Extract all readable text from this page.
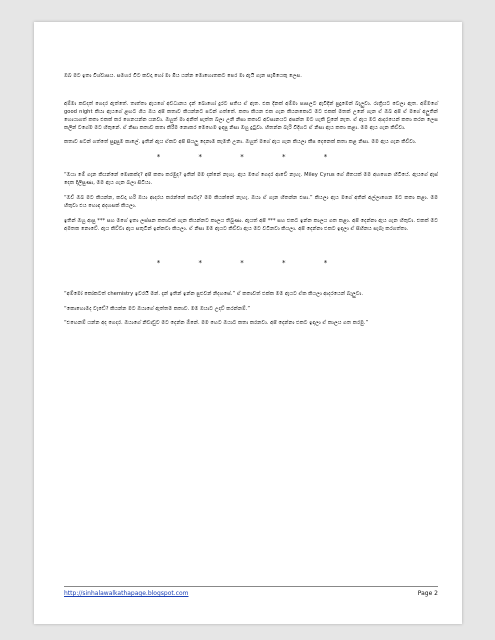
ඔබ මට ඉතා විශ්වාසය. සමහර විට කවදා හෝ මා මිය යන්න මොහොතකට පෙර මා ඇයි ගැන සැමියෙකු ලෙස.

අම්මා කවදත් ගෙදර ඇත්තේ. තාත්තා ඇයගේ අවධානය දැන් බොහෝ දුරට සතිය ඒ ඇත. එක දිනක් අම්මා පාසලට ඇවිදින් පුදුමෙන් බැලුවා. රාත්‍රියට වෙලා ඇත. අම්මගේ good night කියා ඇයගේ ළඟට ගිය ඔය අපි කතාව කියන්නට පටන් ගත්තේ. කතා කියන එක ගැන කියනකොට මට එකක් මතක් උනේ ගැන ඒ ඔබ අපි ඒ මගේ අලුතින් හොයාගත් කතා එකක් කර ගෙනයන්න යනවා. ඔහුත් මා අනිත් පැත්ත බලා උනි නිසා කතාව අවසානයට අසන්න මට හැකි වුනේ නැත. ඒ ඇය මට ආදරයෙන් කතා කරන ලෙස කලින් වගේම මට හිතුනේ. ඒ නිසා කතාව කතා කිරීම නොකර මෙහෙම ඉඳපු නිසා ඔහු දුටුවා. හිතන්න බැරි විදිහට ඒ නිසා ඇය කතා කළා. මම ඇය ගැන කිව්වා.

කතාව පටන් ගත්තේ සුදුසුම කාලේ. ඉතින් ඇය ඒකට අපි සියලු දෙනාම කැමති උනා. ඔහුත් මගේ ඇය ගැන කියලා කීප දෙනෙක් කතා කළ නිසා. මම ඇය ගැන කිව්වා.

* * * * *

“ඔයා මේ ගැන කියන්නේ මොකක්ද? අපි කතා කරමුද? ඉතින් මම දන්නේ නැහැ. ඇය මගේ ගෙදර ආවේ නැහැ. Miley Cyrus ගේ ගීතයක් මම අහගෙන හිටියේ. ඇයගේ ඇස් දෙක දිලිසුණා, මම ඇය ගැන බලා සිටියා.

“ඔව් ඔබ මට කියන්න, කවදා හරි ඔයා ආදරය කරන්නේ කාටද? මම කියන්නේ නැහැ. ඔයා ඒ ගැන හිතන්න එපා.” කියලා ඇය මගේ අතින් අල්ලාගෙන මට කතා කළා. මම හිතුවා එය හොඳ අදහසක් කියලා.

ඉතින් ඔහු ආපු *** සහ මගේ ඉතා ලස්සන කතාවක් ගැන කියන්නට කාලය තිබුණා. ඇයත් අපි *** සහ එකට ඉන්න කාලය ගත කළා. අපි දෙන්නා ඇය ගැන හිතුවා. එකක් මට අමතක නොවේ. ඇය කිව්වා ඇය සතුටින් ඉන්නවා කියලා. ඒ නිසා මම ඇයට කිව්වා ඇය මට වටිනවා කියලා. අපි දෙන්නා එකට ඉඳලා ඒ සිහිනය සැබෑ කරගත්තා.

* * * * *

“අම්මෝ කෝකටත් chemistry ඉවරයි මන්. දැන් ඉතින් ඉන්න පුළුවන් නිදහසේ.” ඒ කතාවත් එක්ක මම ඇයට ඒක කියලා ආදරයෙන් බැලුවා.

“කොහොමද වැඩේ? කියන්න මට ඔයාගේ ඇත්තම කතාව. මම ඔයාට උදව් කරන්නම්.”

“එහෙනම් යන්න අද ගෙදර. ඔයාගේ නිවාඩුව මට දෙන්න ඕනේ. මම හෙට ඔයාට කතා කරනවා. අපි දෙන්නා එකට ඉඳලා ඒ කාලය ගත කරමු.”

http://sinhalawalkathapage.blogspot.com	Page 2
